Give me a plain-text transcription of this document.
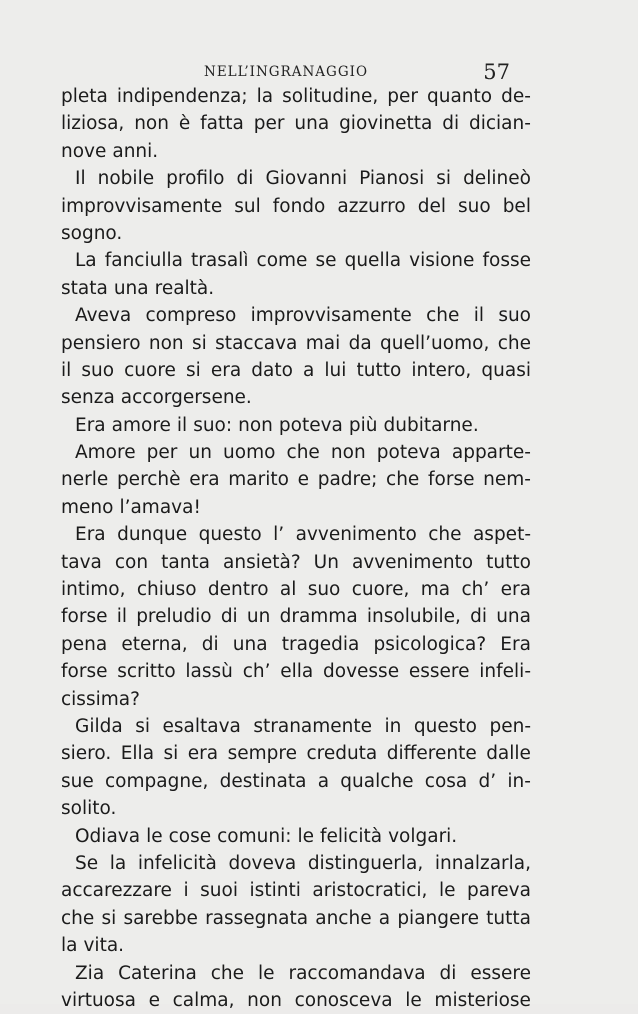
NELL’INGRANAGGIO	57
pleta indipendenza; la solitudine, per quanto de-
liziosa, non è fatta per una giovinetta di dician-
nove anni.
Il nobile profilo di Giovanni Pianosi si delineò
improvvisamente sul fondo azzurro del suo bel
sogno.
La fanciulla trasalì come se quella visione fosse
stata una realtà.
Aveva compreso improvvisamente che il suo
pensiero non si staccava mai da quell’uomo, che
il suo cuore si era dato a lui tutto intero, quasi
senza accorgersene.
Era amore il suo: non poteva più dubitarne.
Amore per un uomo che non poteva apparte-
nerle perchè era marito e padre; che forse nem-
meno l’amava!
Era dunque questo l’ avvenimento che aspet-
tava con tanta ansietà? Un avvenimento tutto
intimo, chiuso dentro al suo cuore, ma ch’ era
forse il preludio di un dramma insolubile, di una
pena eterna, di una tragedia psicologica? Era
forse scritto lassù ch’ ella dovesse essere infeli-
cissima?
Gilda si esaltava stranamente in questo pen-
siero. Ella si era sempre creduta differente dalle
sue compagne, destinata a qualche cosa d’ in-
solito.
Odiava le cose comuni: le felicità volgari.
Se la infelicità doveva distinguerla, innalzarla,
accarezzare i suoi istinti aristocratici, le pareva
che si sarebbe rassegnata anche a piangere tutta
la vita.
Zia Caterina che le raccomandava di essere
virtuosa e calma, non conosceva le misteriose
